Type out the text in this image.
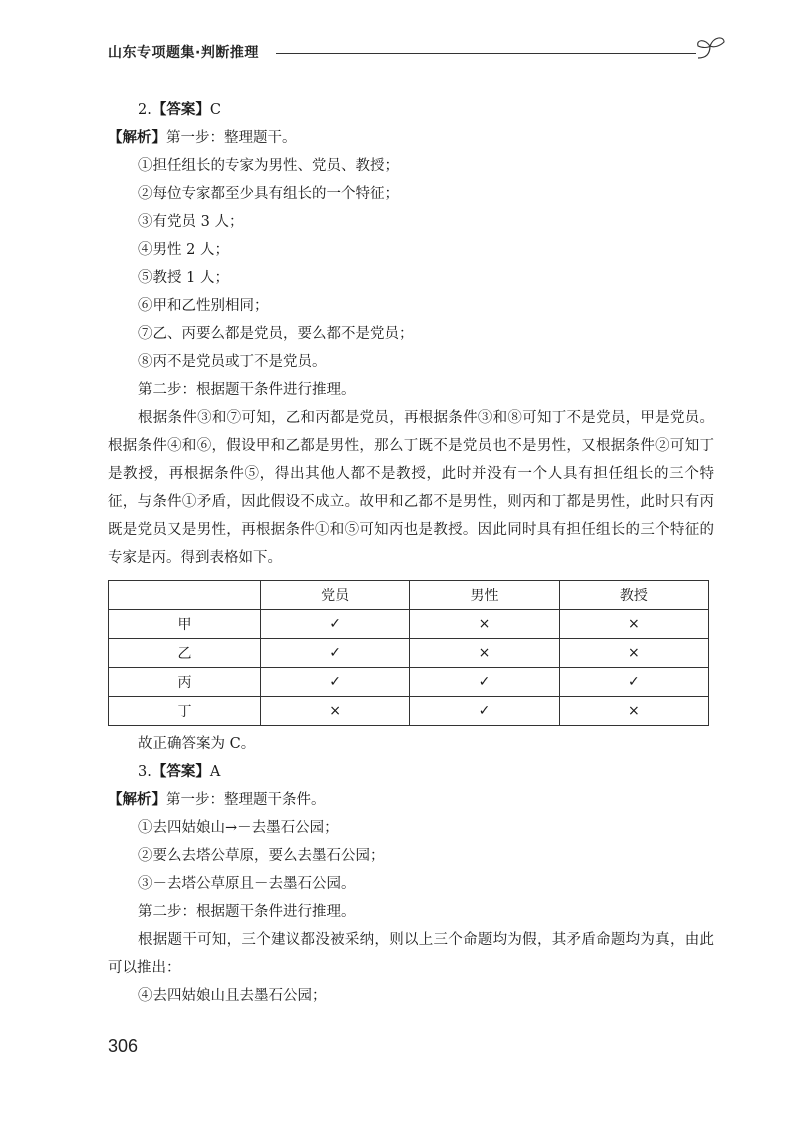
山东专项题集·判断推理
2.【答案】C
【解析】第一步：整理题干。
①担任组长的专家为男性、党员、教授；
②每位专家都至少具有组长的一个特征；
③有党员 3 人；
④男性 2 人；
⑤教授 1 人；
⑥甲和乙性别相同；
⑦乙、丙要么都是党员，要么都不是党员；
⑧丙不是党员或丁不是党员。
第二步：根据题干条件进行推理。

根据条件③和⑦可知，乙和丙都是党员，再根据条件③和⑧可知丁不是党员，甲是党员。根据条件④和⑥，假设甲和乙都是男性，那么丁既不是党员也不是男性，又根据条件②可知丁是教授，再根据条件⑤，得出其他人都不是教授，此时并没有一个人具有担任组长的三个特征，与条件①矛盾，因此假设不成立。故甲和乙都不是男性，则丙和丁都是男性，此时只有丙既是党员又是男性，再根据条件①和⑤可知丙也是教授。因此同时具有担任组长的三个特征的专家是丙。得到表格如下。

	党员	男性	教授
甲	✓	×	×
乙	✓	×	×
丙	✓	✓	✓
丁	×	✓	×
故正确答案为 C。
3.【答案】A
【解析】第一步：整理题干条件。
①去四姑娘山→－去墨石公园；
②要么去塔公草原，要么去墨石公园；
③－去塔公草原且－去墨石公园。
第二步：根据题干条件进行推理。

根据题干可知，三个建议都没被采纳，则以上三个命题均为假，其矛盾命题均为真，由此可以推出：

④去四姑娘山且去墨石公园；
306
